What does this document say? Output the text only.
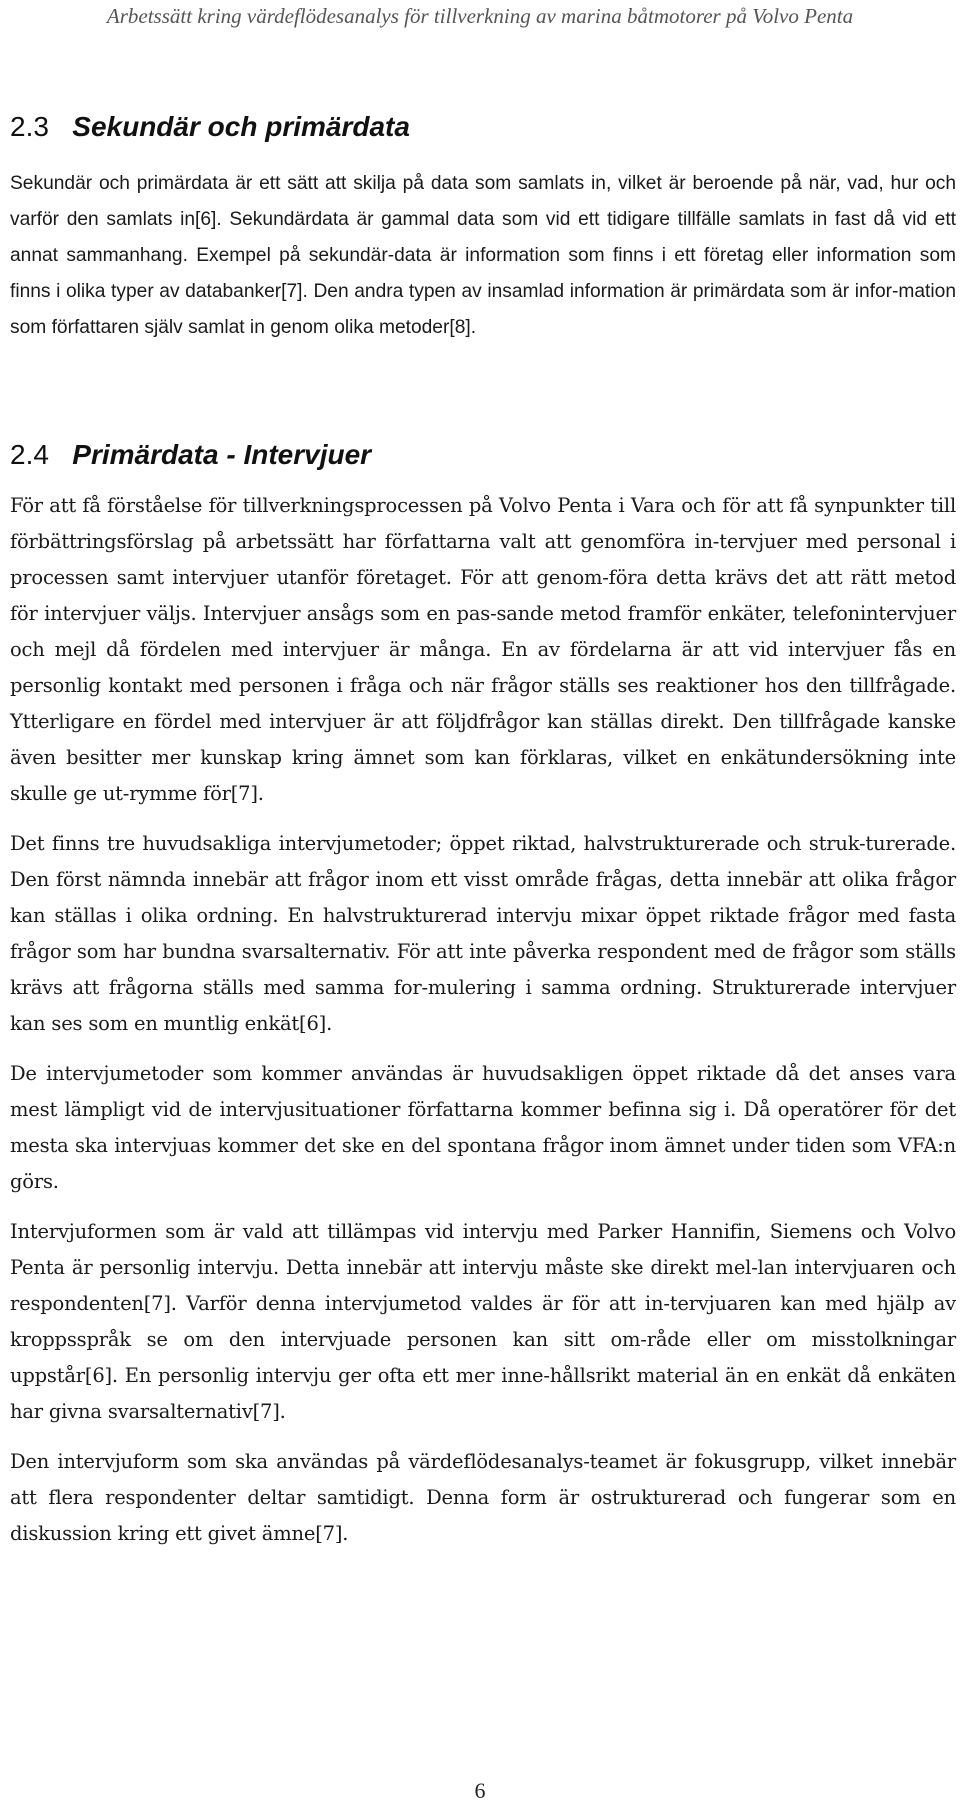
Arbetssätt kring värdeflödesanalys för tillverkning av marina båtmotorer på Volvo Penta
2.3 Sekundär och primärdata

Sekundär och primärdata är ett sätt att skilja på data som samlats in, vilket är beroende på när, vad, hur och varför den samlats in[6]. Sekundärdata är gammal data som vid ett tidigare tillfälle samlats in fast då vid ett annat sammanhang. Exempel på sekundär-data är information som finns i ett företag eller information som finns i olika typer av databanker[7]. Den andra typen av insamlad information är primärdata som är infor-mation som författaren själv samlat in genom olika metoder[8].

2.4 Primärdata - Intervjuer

För att få förståelse för tillverkningsprocessen på Volvo Penta i Vara och för att få synpunkter till förbättringsförslag på arbetssätt har författarna valt att genomföra in-tervjuer med personal i processen samt intervjuer utanför företaget. För att genom-föra detta krävs det att rätt metod för intervjuer väljs. Intervjuer ansågs som en pas-sande metod framför enkäter, telefonintervjuer och mejl då fördelen med intervjuer är många. En av fördelarna är att vid intervjuer fås en personlig kontakt med personen i fråga och när frågor ställs ses reaktioner hos den tillfrågade. Ytterligare en fördel med intervjuer är att följdfrågor kan ställas direkt. Den tillfrågade kanske även besitter mer kunskap kring ämnet som kan förklaras, vilket en enkätundersökning inte skulle ge ut-rymme för[7].

Det finns tre huvudsakliga intervjumetoder; öppet riktad, halvstrukturerade och struk-turerade. Den först nämnda innebär att frågor inom ett visst område frågas, detta innebär att olika frågor kan ställas i olika ordning. En halvstrukturerad intervju mixar öppet riktade frågor med fasta frågor som har bundna svarsalternativ. För att inte påverka respondent med de frågor som ställs krävs att frågorna ställs med samma for-mulering i samma ordning. Strukturerade intervjuer kan ses som en muntlig enkät[6].

De intervjumetoder som kommer användas är huvudsakligen öppet riktade då det anses vara mest lämpligt vid de intervjusituationer författarna kommer befinna sig i. Då operatörer för det mesta ska intervjuas kommer det ske en del spontana frågor inom ämnet under tiden som VFA:n görs.

Intervjuformen som är vald att tillämpas vid intervju med Parker Hannifin, Siemens och Volvo Penta är personlig intervju. Detta innebär att intervju måste ske direkt mel-lan intervjuaren och respondenten[7]. Varför denna intervjumetod valdes är för att in-tervjuaren kan med hjälp av kroppsspråk se om den intervjuade personen kan sitt om-råde eller om misstolkningar uppstår[6]. En personlig intervju ger ofta ett mer inne-hållsrikt material än en enkät då enkäten har givna svarsalternativ[7].

Den intervjuform som ska användas på värdeflödesanalys-teamet är fokusgrupp, vilket innebär att flera respondenter deltar samtidigt. Denna form är ostrukturerad och fungerar som en diskussion kring ett givet ämne[7].

6
